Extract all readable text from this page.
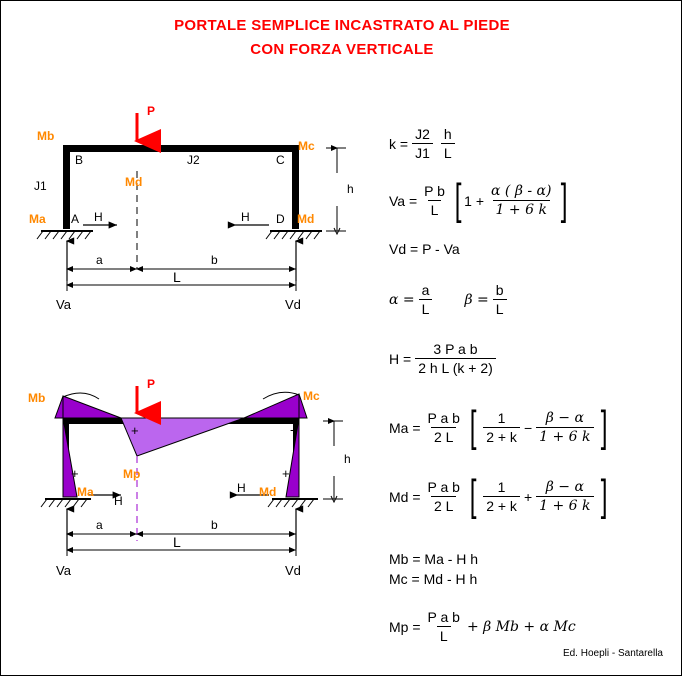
PORTALE SEMPLICE INCASTRATO AL PIEDE
CON FORZA VERTICALE
P
Mb
Mc
B	C
J1
J2
Md
Ma A H	H D Md
h
a	b
L
Va	Vd
P
Mb	Mc
+	-
+	+
Mp
Ma	Md
H
H
h
a	b
L
Va	Vd
$k = \frac{J2}{J1} \frac{h}{L}$
$Va = \frac{\text{P b}}{L}$ [ $1 + \frac{\alpha ( \beta - \alpha)}{1 + 6 k}$ ]
Vd = P - Va
$\alpha = \frac{a}{L}$ $\beta = \frac{b}{L}$
$H = \frac{\text{3 P a b}}{\text{2 h L (k + 2)}}$
$Ma = \frac{\text{P a b}}{2 L}$ [ $\frac{1}{2 + k} - \frac{\beta - \alpha}{1 + 6 k}$ ]
$Md = \frac{\text{P a b}}{2 L}$ [ $\frac{1}{2 + k} + \frac{\beta - \alpha}{1 + 6 k}$ ]
Mb = Ma - H h
Mc = Md - H h
$Mp = \frac{\text{P a b}}{L} + \beta$ Mb + α Mc
Ed. Hoepli - Santarella
